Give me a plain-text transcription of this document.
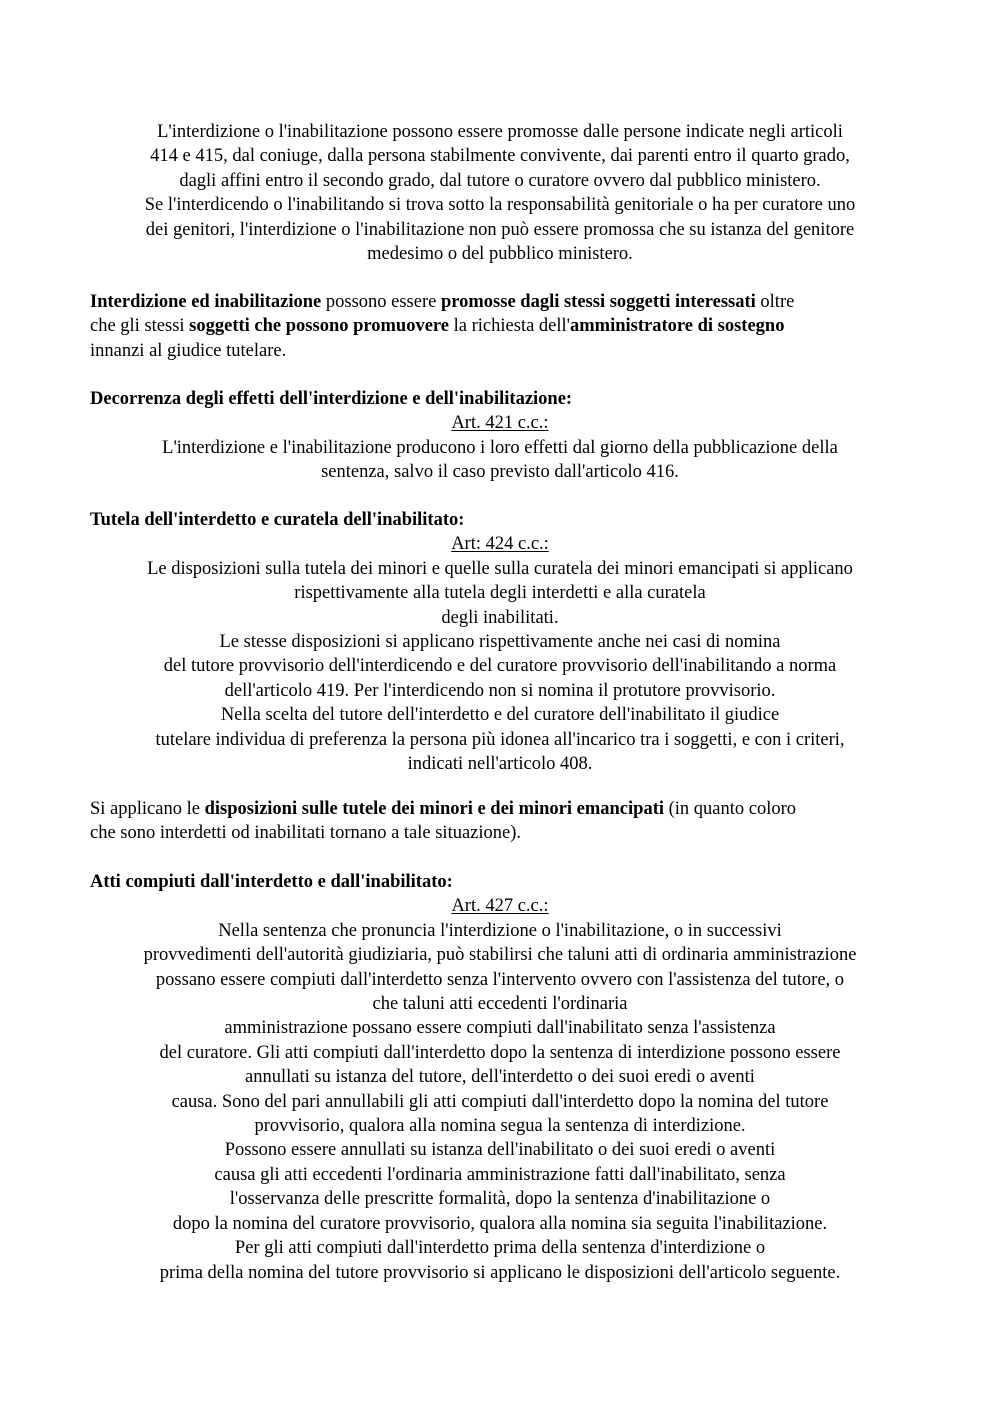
L'interdizione o l'inabilitazione possono essere promosse dalle persone indicate negli articoli
414 e 415, dal coniuge, dalla persona stabilmente convivente, dai parenti entro il quarto grado,
dagli affini entro il secondo grado, dal tutore o curatore ovvero dal pubblico ministero.
Se l'interdicendo o l'inabilitando si trova sotto la responsabilità genitoriale o ha per curatore uno
dei genitori, l'interdizione o l'inabilitazione non può essere promossa che su istanza del genitore
medesimo o del pubblico ministero.
Interdizione ed inabilitazione possono essere promosse dagli stessi soggetti interessati oltre
che gli stessi soggetti che possono promuovere la richiesta dell'amministratore di sostegno
innanzi al giudice tutelare.
Decorrenza degli effetti dell'interdizione e dell'inabilitazione:
Art. 421 c.c.:
L'interdizione e l'inabilitazione producono i loro effetti dal giorno della pubblicazione della
sentenza, salvo il caso previsto dall'articolo 416.
Tutela dell'interdetto e curatela dell'inabilitato:
Art: 424 c.c.:
Le disposizioni sulla tutela dei minori e quelle sulla curatela dei minori emancipati si applicano
rispettivamente alla tutela degli interdetti e alla curatela
degli inabilitati.
Le stesse disposizioni si applicano rispettivamente anche nei casi di nomina
del tutore provvisorio dell'interdicendo e del curatore provvisorio dell'inabilitando a norma
dell'articolo 419. Per l'interdicendo non si nomina il protutore provvisorio.
Nella scelta del tutore dell'interdetto e del curatore dell'inabilitato il giudice
tutelare individua di preferenza la persona più idonea all'incarico tra i soggetti, e con i criteri,
indicati nell'articolo 408.
Si applicano le disposizioni sulle tutele dei minori e dei minori emancipati (in quanto coloro
che sono interdetti od inabilitati tornano a tale situazione).
Atti compiuti dall'interdetto e dall'inabilitato:
Art. 427 c.c.:
Nella sentenza che pronuncia l'interdizione o l'inabilitazione, o in successivi
provvedimenti dell'autorità giudiziaria, può stabilirsi che taluni atti di ordinaria amministrazione
possano essere compiuti dall'interdetto senza l'intervento ovvero con l'assistenza del tutore, o
che taluni atti eccedenti l'ordinaria
amministrazione possano essere compiuti dall'inabilitato senza l'assistenza
del curatore. Gli atti compiuti dall'interdetto dopo la sentenza di interdizione possono essere
annullati su istanza del tutore, dell'interdetto o dei suoi eredi o aventi
causa. Sono del pari annullabili gli atti compiuti dall'interdetto dopo la nomina del tutore
provvisorio, qualora alla nomina segua la sentenza di interdizione.
Possono essere annullati su istanza dell'inabilitato o dei suoi eredi o aventi
causa gli atti eccedenti l'ordinaria amministrazione fatti dall'inabilitato, senza
l'osservanza delle prescritte formalità, dopo la sentenza d'inabilitazione o
dopo la nomina del curatore provvisorio, qualora alla nomina sia seguita l'inabilitazione.
Per gli atti compiuti dall'interdetto prima della sentenza d'interdizione o
prima della nomina del tutore provvisorio si applicano le disposizioni dell'articolo seguente.
